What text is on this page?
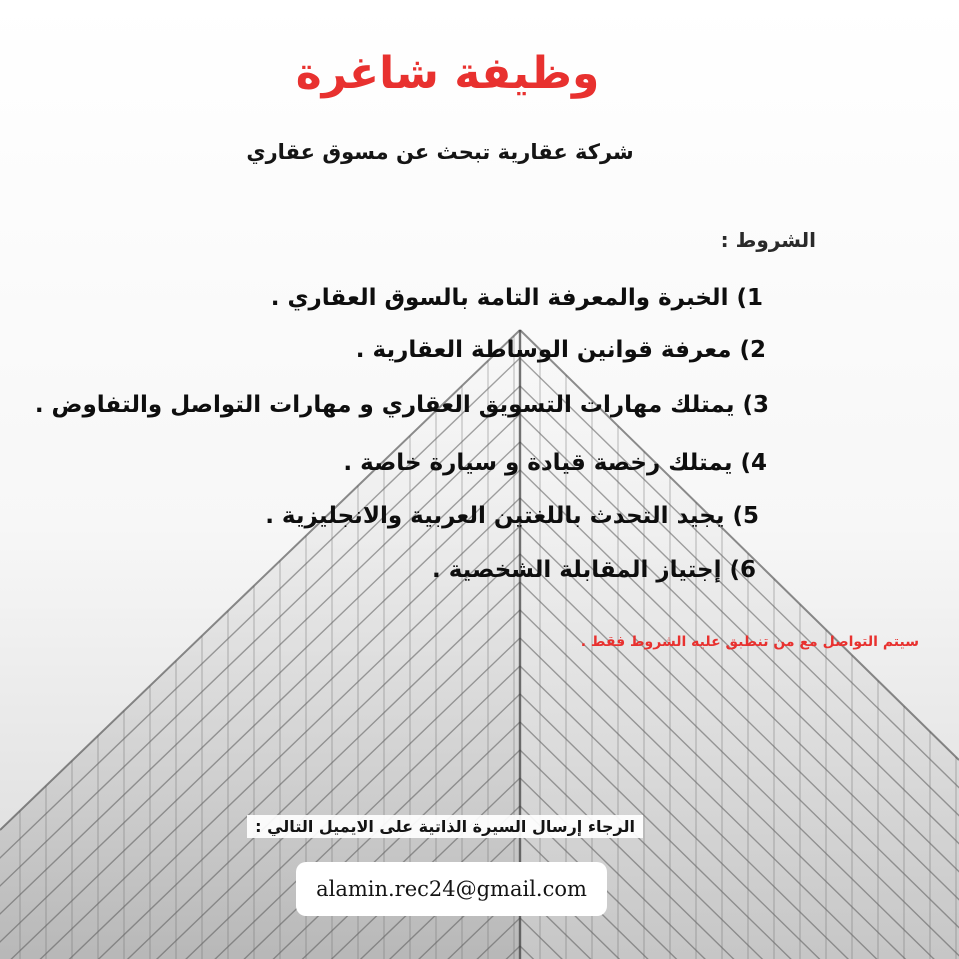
وظيفة شاغرة
شركة عقارية تبحث عن مسوق عقاري
الشروط :
1) الخبرة والمعرفة التامة بالسوق العقاري .
2) معرفة قوانين الوساطة العقارية .
3) يمتلك مهارات التسويق العقاري و مهارات التواصل والتفاوض .
4) يمتلك رخصة قيادة و سيارة خاصة .
5) يجيد التحدث باللغتين العربية والانجليزية .
6) إجتياز المقابلة الشخصية .
سيتم التواصل مع من تنطبق عليه الشروط فقط .
الرجاء إرسال السيرة الذاتية على الايميل التالي :
alamin.rec24@gmail.com
